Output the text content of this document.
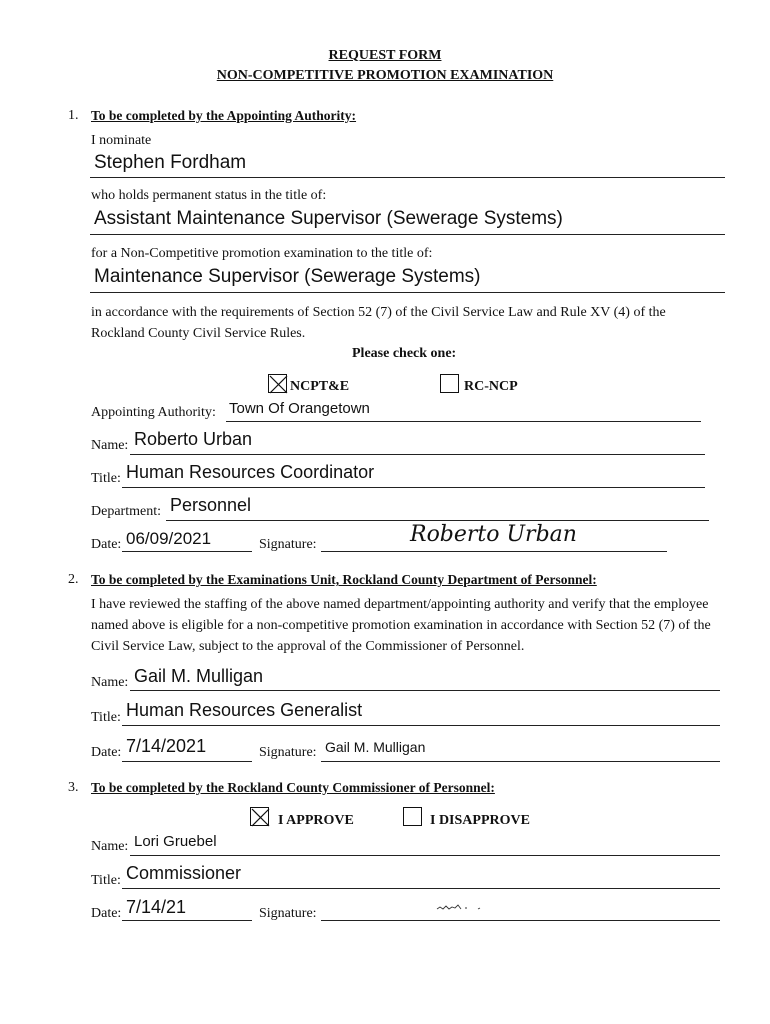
REQUEST FORM
NON-COMPETITIVE PROMOTION EXAMINATION
1. To be completed by the Appointing Authority:
I nominate
Stephen Fordham
who holds permanent status in the title of:
Assistant Maintenance Supervisor (Sewerage Systems)
for a Non-Competitive promotion examination to the title of:
Maintenance Supervisor (Sewerage Systems)
in accordance with the requirements of Section 52 (7) of the Civil Service Law and Rule XV (4) of the Rockland County Civil Service Rules.
Please check one:
NCPT&E	RC-NCP
Appointing Authority: Town Of Orangetown
Name: Roberto Urban
Title: Human Resources Coordinator
Department: Personnel
Date: 06/09/2021	Signature:	Roberto Urban
2. To be completed by the Examinations Unit, Rockland County Department of Personnel:
I have reviewed the staffing of the above named department/appointing authority and verify that the employee named above is eligible for a non-competitive promotion examination in accordance with Section 52 (7) of the Civil Service Law, subject to the approval of the Commissioner of Personnel.
Name: Gail M. Mulligan
Title: Human Resources Generalist
Date: 7/14/2021	Signature: Gail M. Mulligan
3. To be completed by the Rockland County Commissioner of Personnel:
I APPROVE	I DISAPPROVE
Name: Lori Gruebel
Title: Commissioner
Date: 7/14/21	Signature:
